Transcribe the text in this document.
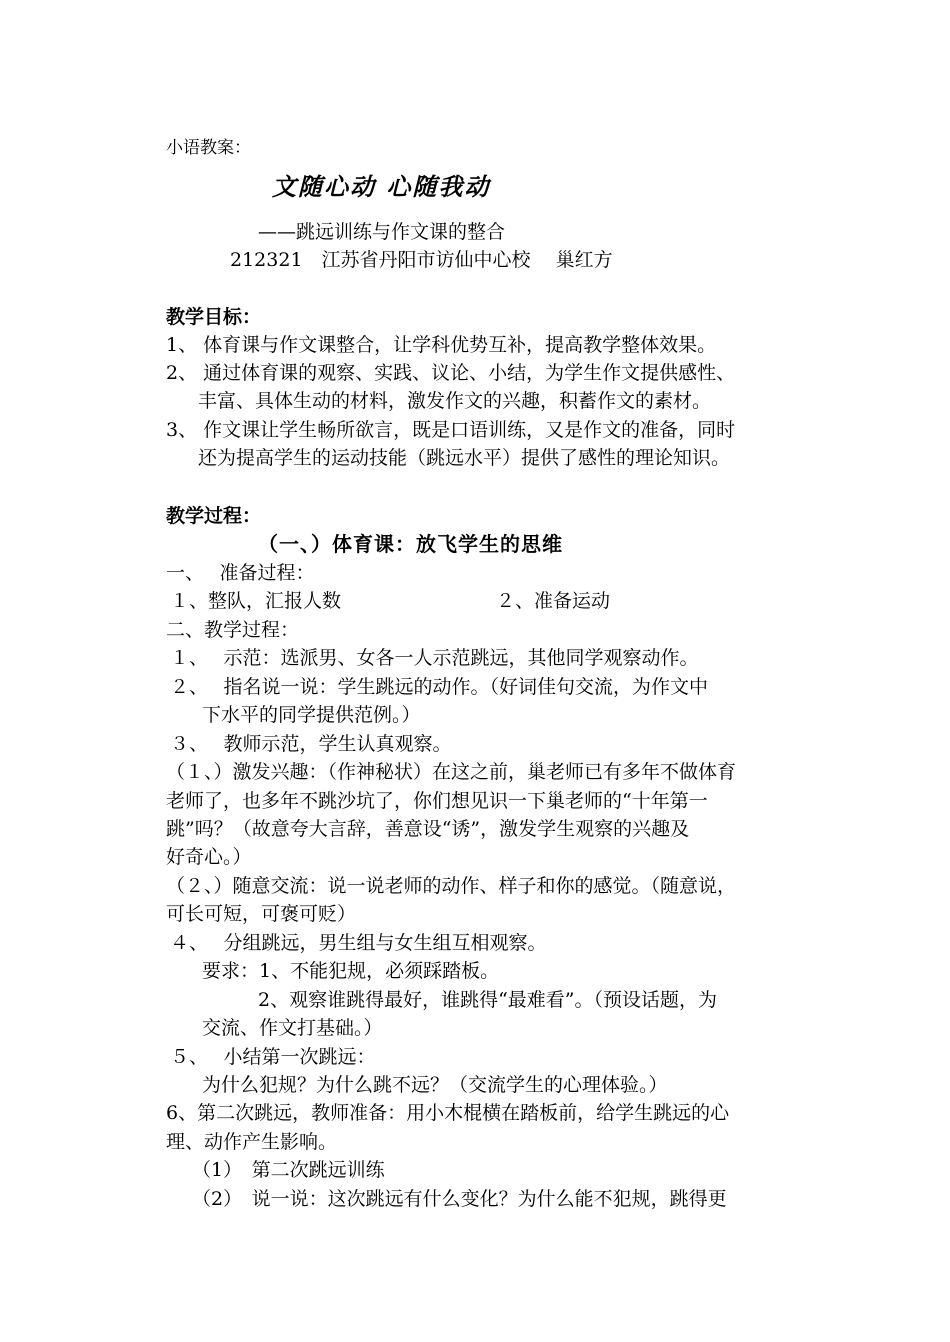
小语教案：
文随心动 心随我动
——跳远训练与作文课的整合
212321　江苏省丹阳市访仙中心校　 巢红方
教学目标：
1、 体育课与作文课整合，让学科优势互补，提高教学整体效果。
2、 通过体育课的观察、实践、议论、小结，为学生作文提供感性、
丰富、具体生动的材料，激发作文的兴趣，积蓄作文的素材。
3、 作文课让学生畅所欲言，既是口语训练，又是作文的准备，同时
还为提高学生的运动技能（跳远水平）提供了感性的理论知识。
教学过程：
（一、）体育课：放飞学生的思维
一、　 准备过程：
１、整队，汇报人数	２、准备运动
二、教学过程：
１、　 示范：选派男、女各一人示范跳远，其他同学观察动作。
２、　 指名说一说：学生跳远的动作。（好词佳句交流，为作文中
下水平的同学提供范例。）
３、　 教师示范，学生认真观察。
（１、）激发兴趣：（作神秘状）在这之前，巢老师已有多年不做体育
老师了，也多年不跳沙坑了，你们想见识一下巢老师的“十年第一
跳”吗？（故意夸大言辞，善意设“诱”，激发学生观察的兴趣及
好奇心。）
（２、）随意交流：说一说老师的动作、样子和你的感觉。（随意说，
可长可短，可褒可贬）
４、　 分组跳远，男生组与女生组互相观察。
要求：1、不能犯规，必须踩踏板。
2、观察谁跳得最好，谁跳得“最难看”。（预设话题，为
交流、作文打基础。）
５、　 小结第一次跳远：
为什么犯规？为什么跳不远？（交流学生的心理体验。）
6、第二次跳远，教师准备：用小木棍横在踏板前，给学生跳远的心
理、动作产生影响。
（1）　第二次跳远训练
（2）　说一说：这次跳远有什么变化？为什么能不犯规，跳得更
